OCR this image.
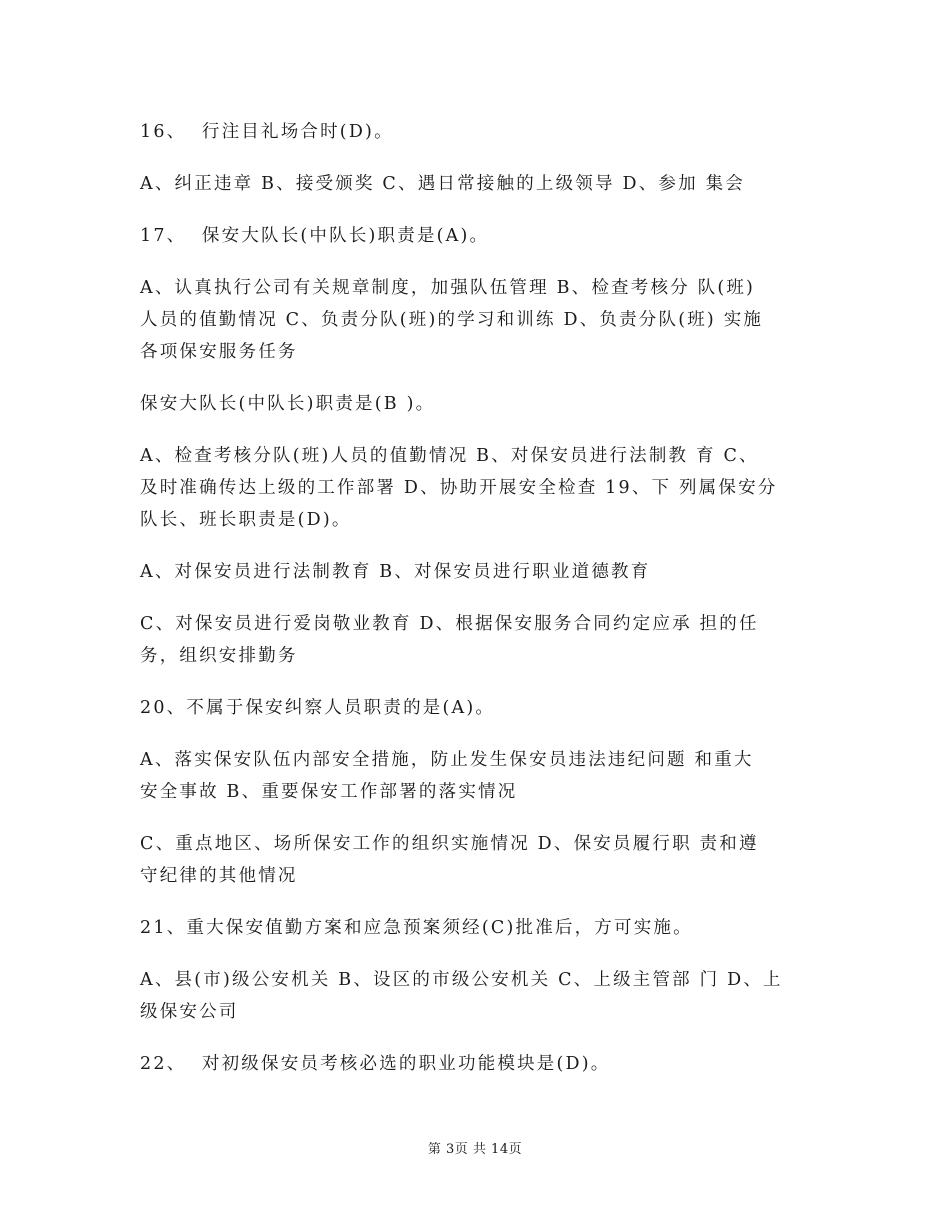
16、  行注目礼场合时(D)。
A、纠正违章 B、接受颁奖 C、遇日常接触的上级领导 D、参加 集会
17、  保安大队长(中队长)职责是(A)。
A、认真执行公司有关规章制度，加强队伍管理 B、检查考核分 队(班)
人员的值勤情况 C、负责分队(班)的学习和训练 D、负责分队(班) 实施
各项保安服务任务
保安大队长(中队长)职责是(B )。
A、检查考核分队(班)人员的值勤情况 B、对保安员进行法制教 育 C、
及时准确传达上级的工作部署 D、协助开展安全检查 19、下 列属保安分
队长、班长职责是(D)。
A、对保安员进行法制教育 B、对保安员进行职业道德教育
C、对保安员进行爱岗敬业教育 D、根据保安服务合同约定应承 担的任
务，组织安排勤务
20、不属于保安纠察人员职责的是(A)。
A、落实保安队伍内部安全措施，防止发生保安员违法违纪问题 和重大
安全事故 B、重要保安工作部署的落实情况
C、重点地区、场所保安工作的组织实施情况 D、保安员履行职 责和遵
守纪律的其他情况
21、重大保安值勤方案和应急预案须经(C)批准后，方可实施。
A、县(市)级公安机关 B、设区的市级公安机关 C、上级主管部 门 D、上
级保安公司
22、  对初级保安员考核必选的职业功能模块是(D)。
第 3页 共 14页
